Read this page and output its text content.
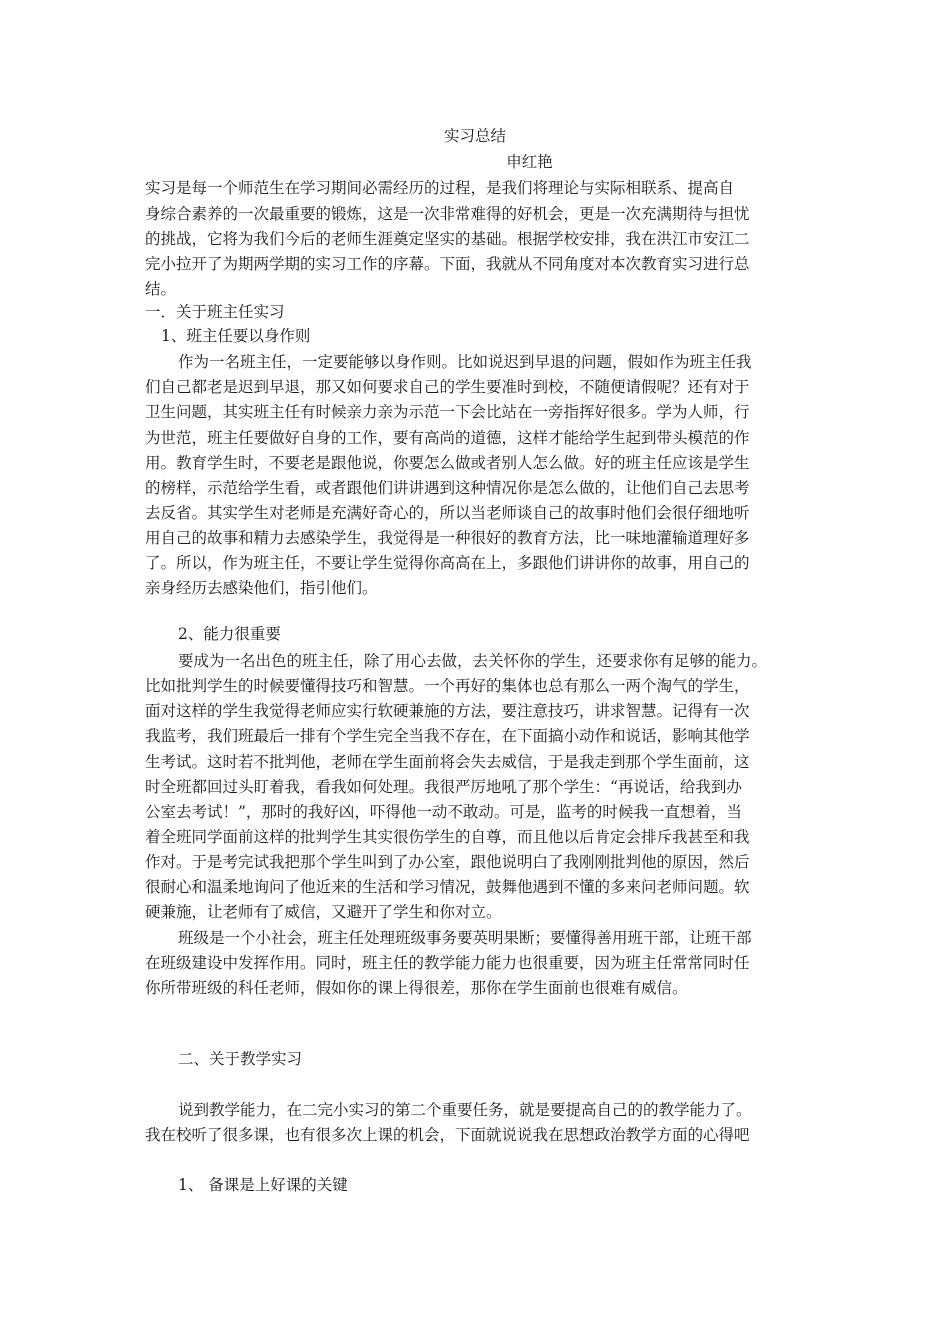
实习总结
申红艳
实习是每一个师范生在学习期间必需经历的过程，是我们将理论与实际相联系、提高自
身综合素养的一次最重要的锻炼，这是一次非常难得的好机会，更是一次充满期待与担忧
的挑战，它将为我们今后的老师生涯奠定坚实的基础。根据学校安排，我在洪江市安江二
完小拉开了为期两学期的实习工作的序幕。下面，我就从不同角度对本次教育实习进行总
结。
一．关于班主任实习
1、班主任要以身作则
作为一名班主任，一定要能够以身作则。比如说迟到早退的问题，假如作为班主任我
们自己都老是迟到早退，那又如何要求自己的学生要准时到校，不随便请假呢？还有对于
卫生问题，其实班主任有时候亲力亲为示范一下会比站在一旁指挥好很多。学为人师，行
为世范，班主任要做好自身的工作，要有高尚的道德，这样才能给学生起到带头模范的作
用。教育学生时，不要老是跟他说，你要怎么做或者别人怎么做。好的班主任应该是学生
的榜样，示范给学生看，或者跟他们讲讲遇到这种情况你是怎么做的，让他们自己去思考
去反省。其实学生对老师是充满好奇心的，所以当老师谈自己的故事时他们会很仔细地听
用自己的故事和精力去感染学生，我觉得是一种很好的教育方法，比一味地灌输道理好多
了。所以，作为班主任，不要让学生觉得你高高在上，多跟他们讲讲你的故事，用自己的
亲身经历去感染他们，指引他们。
2、能力很重要
要成为一名出色的班主任，除了用心去做，去关怀你的学生，还要求你有足够的能力。
比如批判学生的时候要懂得技巧和智慧。一个再好的集体也总有那么一两个淘气的学生，
面对这样的学生我觉得老师应实行软硬兼施的方法，要注意技巧，讲求智慧。记得有一次
我监考，我们班最后一排有个学生完全当我不存在，在下面搞小动作和说话，影响其他学
生考试。这时若不批判他，老师在学生面前将会失去威信，于是我走到那个学生面前，这
时全班都回过头盯着我，看我如何处理。我很严厉地吼了那个学生：“再说话，给我到办
公室去考试！”，那时的我好凶，吓得他一动不敢动。可是，监考的时候我一直想着，当
着全班同学面前这样的批判学生其实很伤学生的自尊，而且他以后肯定会排斥我甚至和我
作对。于是考完试我把那个学生叫到了办公室，跟他说明白了我刚刚批判他的原因，然后
很耐心和温柔地询问了他近来的生活和学习情况，鼓舞他遇到不懂的多来问老师问题。软
硬兼施，让老师有了威信，又避开了学生和你对立。
班级是一个小社会，班主任处理班级事务要英明果断；要懂得善用班干部，让班干部
在班级建设中发挥作用。同时，班主任的教学能力能力也很重要，因为班主任常常同时任
你所带班级的科任老师，假如你的课上得很差，那你在学生面前也很难有威信。
二、关于教学实习
说到教学能力，在二完小实习的第二个重要任务，就是要提高自己的的教学能力了。
我在校听了很多课，也有很多次上课的机会，下面就说说我在思想政治教学方面的心得吧
1、 备课是上好课的关键
